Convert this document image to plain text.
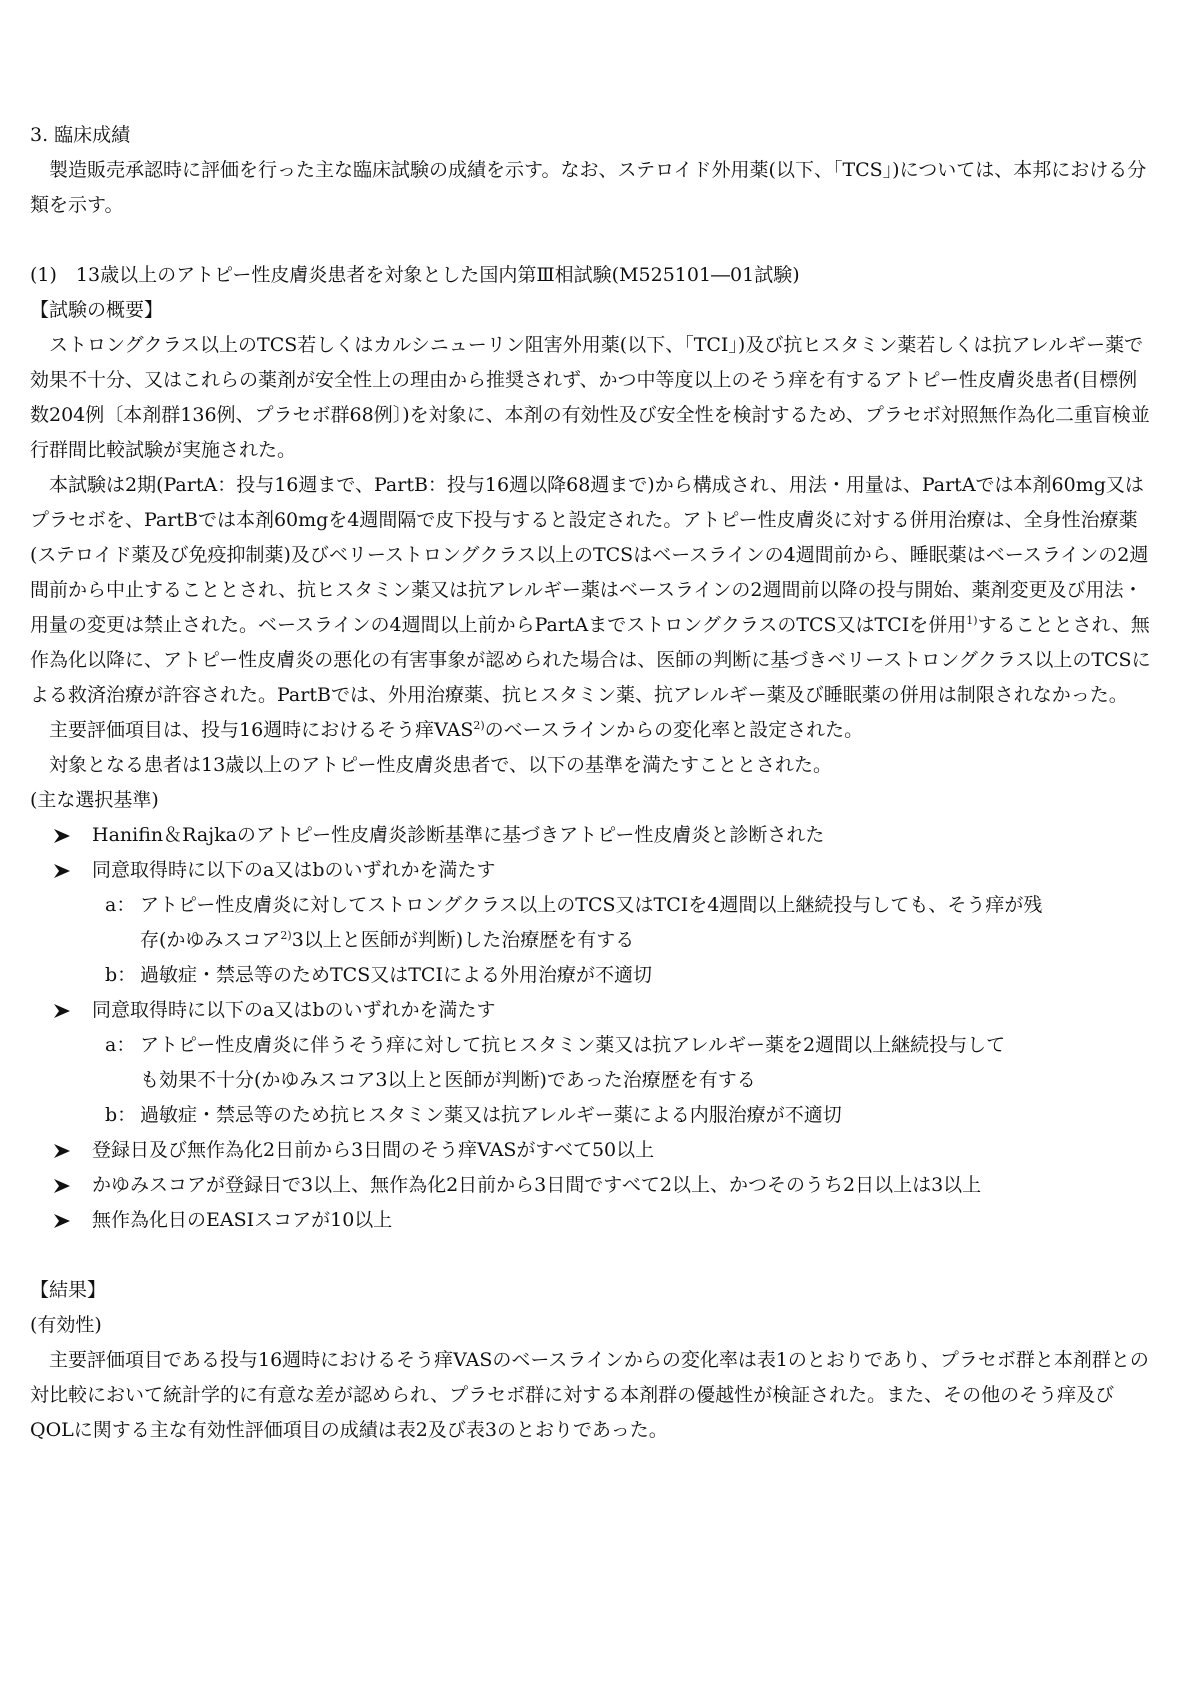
3. 臨床成績
製造販売承認時に評価を行った主な臨床試験の成績を示す。なお、ステロイド外用薬(以下、「TCS」)については、本邦における分類を示す。
(1)　13歳以上のアトピー性皮膚炎患者を対象とした国内第Ⅲ相試験(M525101―01試験)
【試験の概要】
ストロングクラス以上のTCS若しくはカルシニューリン阻害外用薬(以下、「TCI」)及び抗ヒスタミン薬若しくは抗アレルギー薬で効果不十分、又はこれらの薬剤が安全性上の理由から推奨されず、かつ中等度以上のそう痒を有するアトピー性皮膚炎患者(目標例数204例〔本剤群136例、プラセボ群68例〕)を対象に、本剤の有効性及び安全性を検討するため、プラセボ対照無作為化二重盲検並行群間比較試験が実施された。
本試験は2期(PartA：投与16週まで、PartB：投与16週以降68週まで)から構成され、用法・用量は、PartAでは本剤60mg又はプラセボを、PartBでは本剤60mgを4週間隔で皮下投与すると設定された。アトピー性皮膚炎に対する併用治療は、全身性治療薬(ステロイド薬及び免疫抑制薬)及びベリーストロングクラス以上のTCSはベースラインの4週間前から、睡眠薬はベースラインの2週間前から中止することとされ、抗ヒスタミン薬又は抗アレルギー薬はベースラインの2週間前以降の投与開始、薬剤変更及び用法・用量の変更は禁止された。ベースラインの4週間以上前からPartAまでストロングクラスのTCS又はTCIを併用$^{1)}$することとされ、無作為化以降に、アトピー性皮膚炎の悪化の有害事象が認められた場合は、医師の判断に基づきベリーストロングクラス以上のTCSによる救済治療が許容された。PartBでは、外用治療薬、抗ヒスタミン薬、抗アレルギー薬及び睡眠薬の併用は制限されなかった。
主要評価項目は、投与16週時におけるそう痒VAS$^{2)}$のベースラインからの変化率と設定された。
対象となる患者は13歳以上のアトピー性皮膚炎患者で、以下の基準を満たすこととされた。
(主な選択基準)
Hanifin＆Rajkaのアトピー性皮膚炎診断基準に基づきアトピー性皮膚炎と診断された
同意取得時に以下のa又はbのいずれかを満たす
a： アトピー性皮膚炎に対してストロングクラス以上のTCS又はTCIを4週間以上継続投与しても、そう痒が残
存(かゆみスコア$^{2)}$3以上と医師が判断)した治療歴を有する
b： 過敏症・禁忌等のためTCS又はTCIによる外用治療が不適切
同意取得時に以下のa又はbのいずれかを満たす
a： アトピー性皮膚炎に伴うそう痒に対して抗ヒスタミン薬又は抗アレルギー薬を2週間以上継続投与して
も効果不十分(かゆみスコア3以上と医師が判断)であった治療歴を有する
b： 過敏症・禁忌等のため抗ヒスタミン薬又は抗アレルギー薬による内服治療が不適切
登録日及び無作為化2日前から3日間のそう痒VASがすべて50以上
かゆみスコアが登録日で3以上、無作為化2日前から3日間ですべて2以上、かつそのうち2日以上は3以上
無作為化日のEASIスコアが10以上
【結果】
(有効性)
主要評価項目である投与16週時におけるそう痒VASのベースラインからの変化率は表1のとおりであり、プラセボ群と本剤群との対比較において統計学的に有意な差が認められ、プラセボ群に対する本剤群の優越性が検証された。また、その他のそう痒及びQOLに関する主な有効性評価項目の成績は表2及び表3のとおりであった。
